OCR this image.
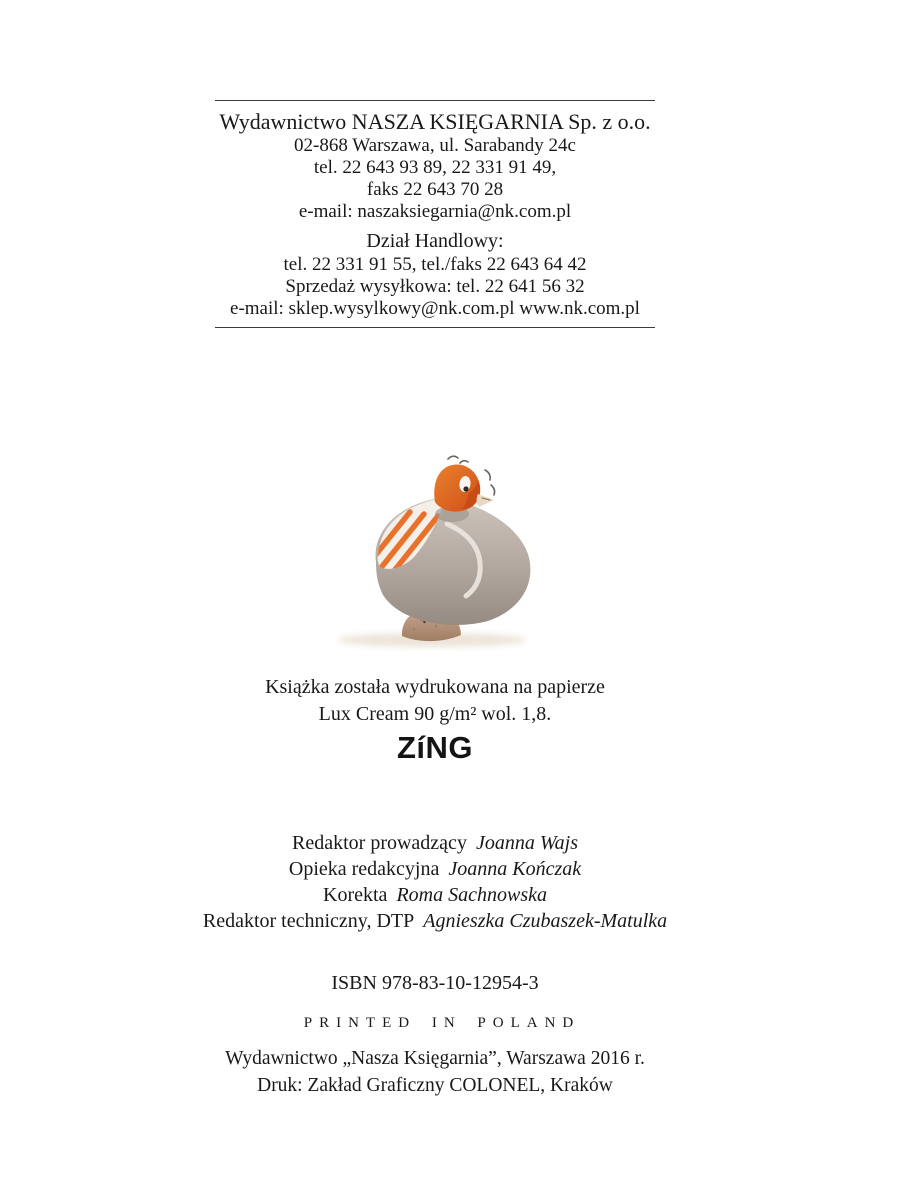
Wydawnictwo NASZA KSIĘGARNIA Sp. z o.o.
02-868 Warszawa, ul. Sarabandy 24c
tel. 22 643 93 89, 22 331 91 49,
faks 22 643 70 28
e-mail: naszaksiegarnia@nk.com.pl
Dział Handlowy:
tel. 22 331 91 55, tel./faks 22 643 64 42
Sprzedaż wysyłkowa: tel. 22 641 56 32
e-mail: sklep.wysylkowy@nk.com.pl www.nk.com.pl
Książka została wydrukowana na papierze
Lux Cream 90 g/m² wol. 1,8.
ZíNG
Redaktor prowadzący Joanna Wajs
Opieka redakcyjna Joanna Kończak
Korekta Roma Sachnowska
Redaktor techniczny, DTP Agnieszka Czubaszek-Matulka
ISBN 978-83-10-12954-3
PRINTED IN POLAND
Wydawnictwo „Nasza Księgarnia”, Warszawa 2016 r.
Druk: Zakład Graficzny COLONEL, Kraków
